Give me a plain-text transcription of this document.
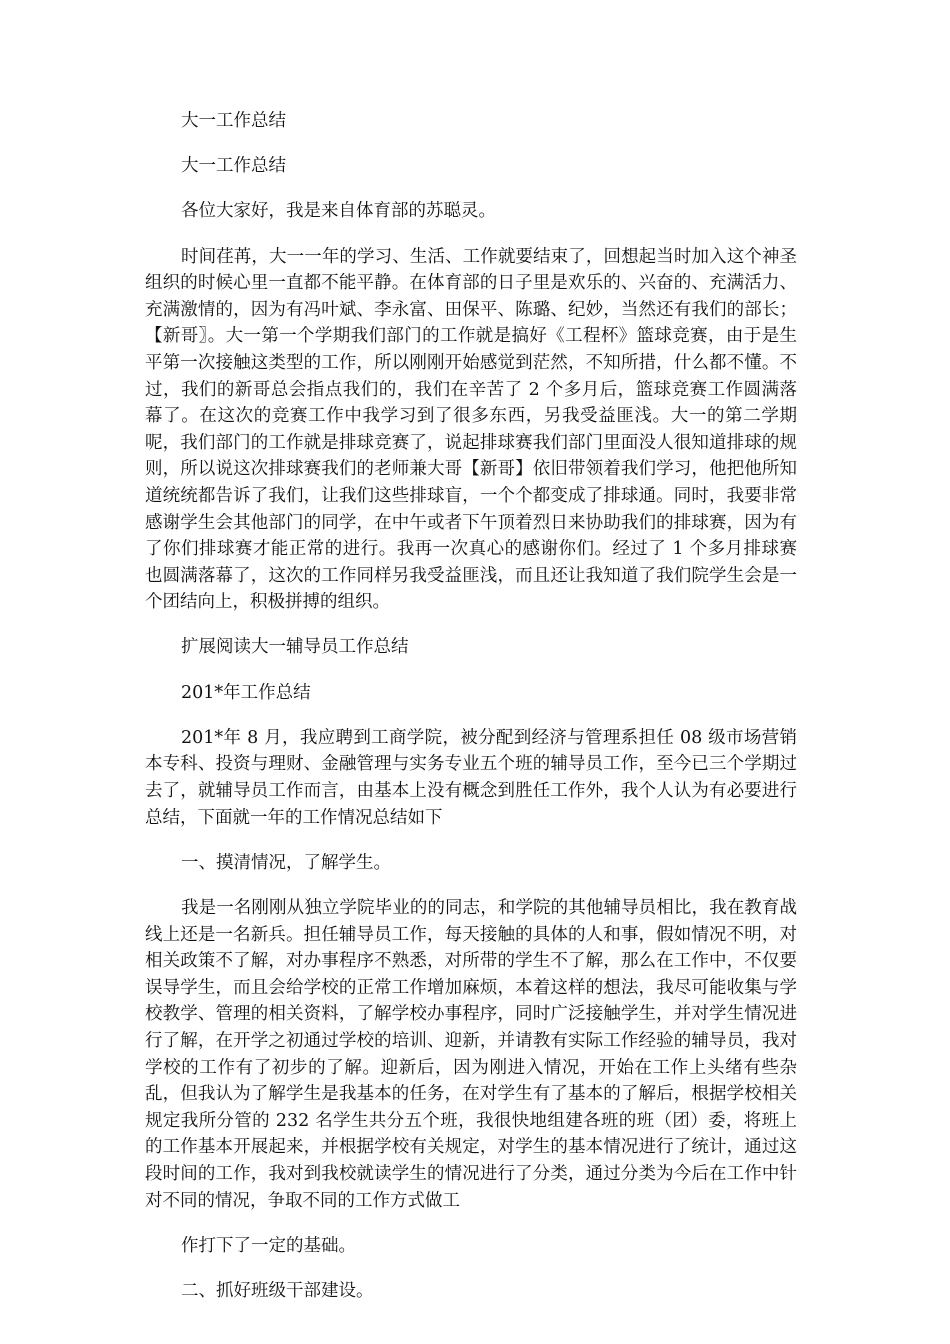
大一工作总结

大一工作总结

各位大家好，我是来自体育部的苏聪灵。

时间荏苒，大一一年的学习、生活、工作就要结束了，回想起当时加入这个神圣组织的时候心里一直都不能平静。在体育部的日子里是欢乐的、兴奋的、充满活力、充满激情的，因为有冯叶斌、李永富、田保平、陈璐、纪妙，当然还有我们的部长；【新哥〗。大一第一个学期我们部门的工作就是搞好《工程杯》篮球竞赛，由于是生平第一次接触这类型的工作，所以刚刚开始感觉到茫然，不知所措，什么都不懂。不过，我们的新哥总会指点我们的，我们在辛苦了 2 个多月后，篮球竞赛工作圆满落幕了。在这次的竞赛工作中我学习到了很多东西，另我受益匪浅。大一的第二学期呢，我们部门的工作就是排球竞赛了，说起排球赛我们部门里面没人很知道排球的规则，所以说这次排球赛我们的老师兼大哥【新哥】依旧带领着我们学习，他把他所知道统统都告诉了我们，让我们这些排球盲，一个个都变成了排球通。同时，我要非常感谢学生会其他部门的同学，在中午或者下午顶着烈日来协助我们的排球赛，因为有了你们排球赛才能正常的进行。我再一次真心的感谢你们。经过了 1 个多月排球赛也圆满落幕了，这次的工作同样另我受益匪浅，而且还让我知道了我们院学生会是一个团结向上，积极拼搏的组织。

扩展阅读大一辅导员工作总结

201*年工作总结

201*年 8 月，我应聘到工商学院，被分配到经济与管理系担任 08 级市场营销本专科、投资与理财、金融管理与实务专业五个班的辅导员工作，至今已三个学期过去了，就辅导员工作而言，由基本上没有概念到胜任工作外，我个人认为有必要进行总结，下面就一年的工作情况总结如下

一、摸清情况，了解学生。

我是一名刚刚从独立学院毕业的的同志，和学院的其他辅导员相比，我在教育战线上还是一名新兵。担任辅导员工作，每天接触的具体的人和事，假如情况不明，对相关政策不了解，对办事程序不熟悉，对所带的学生不了解，那么在工作中，不仅要误导学生，而且会给学校的正常工作增加麻烦，本着这样的想法，我尽可能收集与学校教学、管理的相关资料，了解学校办事程序，同时广泛接触学生，并对学生情况进行了解，在开学之初通过学校的培训、迎新，并请教有实际工作经验的辅导员，我对学校的工作有了初步的了解。迎新后，因为刚进入情况，开始在工作上头绪有些杂乱，但我认为了解学生是我基本的任务，在对学生有了基本的了解后，根据学校相关规定我所分管的 232 名学生共分五个班，我很快地组建各班的班（团）委，将班上的工作基本开展起来，并根据学校有关规定，对学生的基本情况进行了统计，通过这段时间的工作，我对到我校就读学生的情况进行了分类，通过分类为今后在工作中针对不同的情况，争取不同的工作方式做工

作打下了一定的基础。

二、抓好班级干部建设。
